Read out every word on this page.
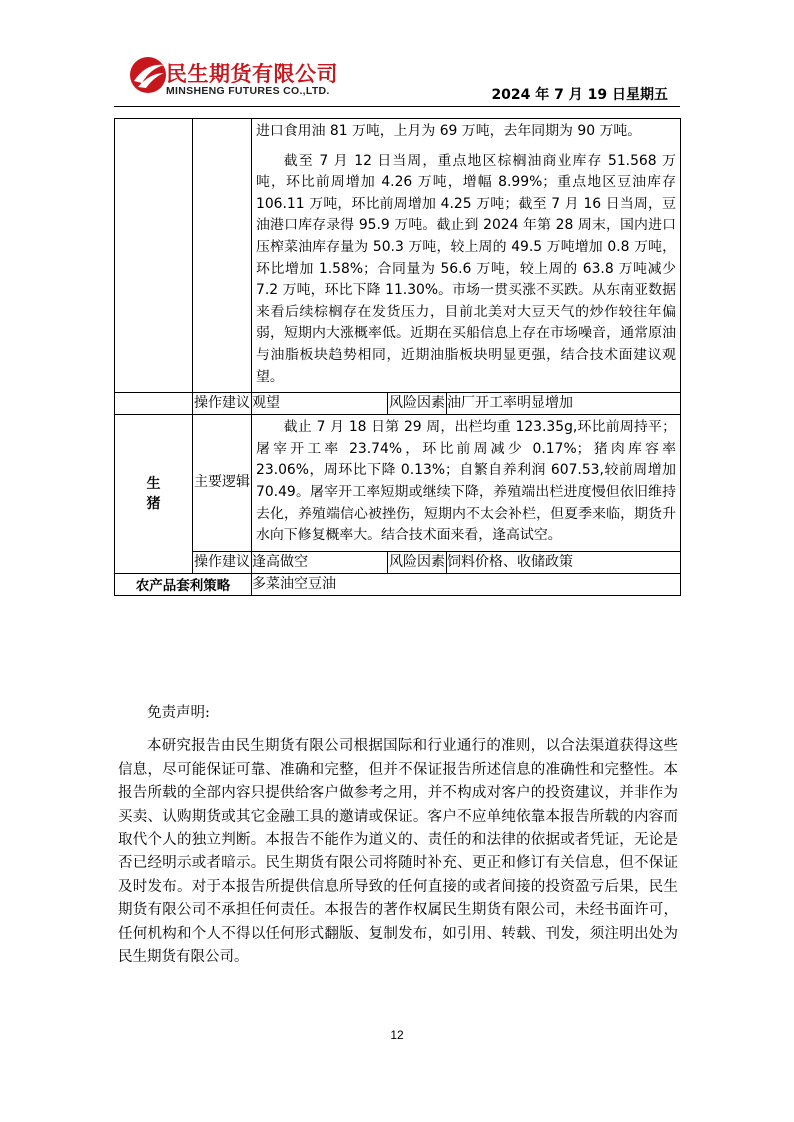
民生期货有限公司
MINSHENG FUTURES CO.,LTD.	2024 年 7 月 19 日星期五

		进口食用油 81 万吨，上月为 69 万吨，去年同期为 90 万吨。

截至 7 月 12 日当周，重点地区棕榈油商业库存 51.568 万吨，环比前周增加 4.26 万吨，增幅 8.99%；重点地区豆油库存 106.11 万吨，环比前周增加 4.25 万吨；截至 7 月 16 日当周，豆油港口库存录得 95.9 万吨。截止到 2024 年第 28 周末，国内进口压榨菜油库存量为 50.3 万吨，较上周的 49.5 万吨增加 0.8 万吨，环比增加 1.58%；合同量为 56.6 万吨，较上周的 63.8 万吨减少 7.2 万吨，环比下降 11.30%。市场一贯买涨不买跌。从东南亚数据来看后续棕榈存在发货压力，目前北美对大豆天气的炒作较往年偏弱，短期内大涨概率低。近期在买船信息上存在市场噪音，通常原油与油脂板块趋势相同，近期油脂板块明显更强，结合技术面建议观望。		

	操作建议	观望	风险因素	油厂开工率明显增加
生猪	主要逻辑	截止 7 月 18 日第 29 周，出栏均重 123.35g,环比前周持平；屠宰开工率 23.74%，环比前周减少 0.17%；猪肉库容率 23.06%，周环比下降 0.13%；自繁自养利润 607.53,较前周增加 70.49。屠宰开工率短期或继续下降，养殖端出栏进度慢但依旧维持去化，养殖端信心被挫伤，短期内不太会补栏，但夏季来临，期货升水向下修复概率大。结合技术面来看，逢高试空。		

	操作建议	逢高做空	风险因素	饲料价格、收储政策
农产品套利策略		多菜油空豆油		

免责声明:

本研究报告由民生期货有限公司根据国际和行业通行的准则，以合法渠道获得这些信息，尽可能保证可靠、准确和完整，但并不保证报告所述信息的准确性和完整性。本报告所载的全部内容只提供给客户做参考之用，并不构成对客户的投资建议，并非作为买卖、认购期货或其它金融工具的邀请或保证。客户不应单纯依靠本报告所载的内容而取代个人的独立判断。本报告不能作为道义的、责任的和法律的依据或者凭证，无论是否已经明示或者暗示。民生期货有限公司将随时补充、更正和修订有关信息，但不保证及时发布。对于本报告所提供信息所导致的任何直接的或者间接的投资盈亏后果，民生期货有限公司不承担任何责任。本报告的著作权属民生期货有限公司，未经书面许可，任何机构和个人不得以任何形式翻版、复制发布，如引用、转载、刊发，须注明出处为民生期货有限公司。

12
